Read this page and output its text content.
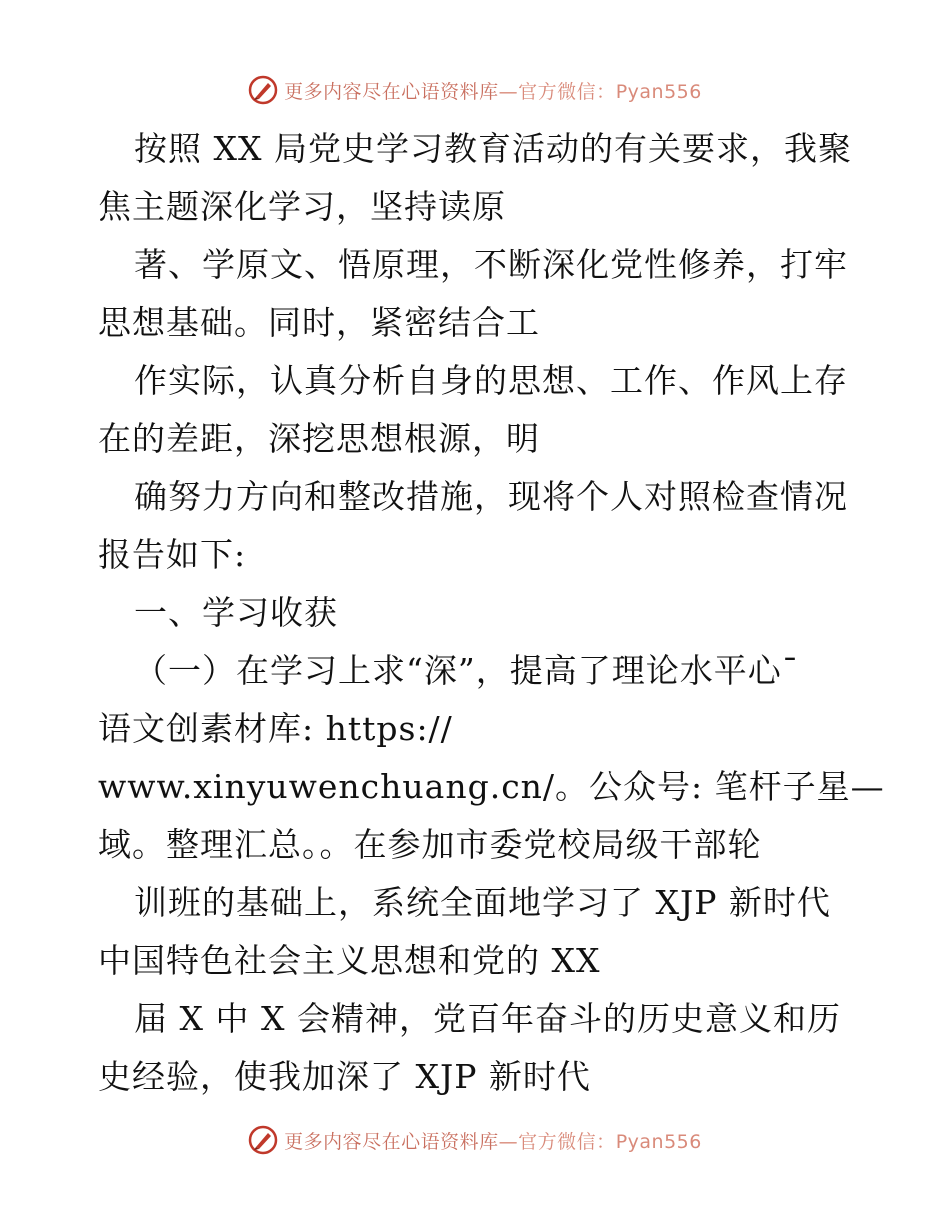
更多内容尽在心语资料库—官方微信：Pyan556
按照 XX 局党史学习教育活动的有关要求，我聚
焦主题深化学习，坚持读原
著、学原文、悟原理，不断深化党性修养，打牢
思想基础。同时，紧密结合工
作实际，认真分析自身的思想、工作、作风上存
在的差距，深挖思想根源，明
确努力方向和整改措施，现将个人对照检查情况
报告如下:
一、学习收获
（一）在学习上求“深”，提高了理论水平心¯
语文创素材库: https://
www.xinyuwenchuang.cn/。公众号: 笔杆子星—
域。整理汇总。。在参加市委党校局级干部轮
训班的基础上，系统全面地学习了 XJP 新时代
中国特色社会主义思想和党的 XX
届 X 中 X 会精神，党百年奋斗的历史意义和历
史经验，使我加深了 XJP 新时代
更多内容尽在心语资料库—官方微信：Pyan556
